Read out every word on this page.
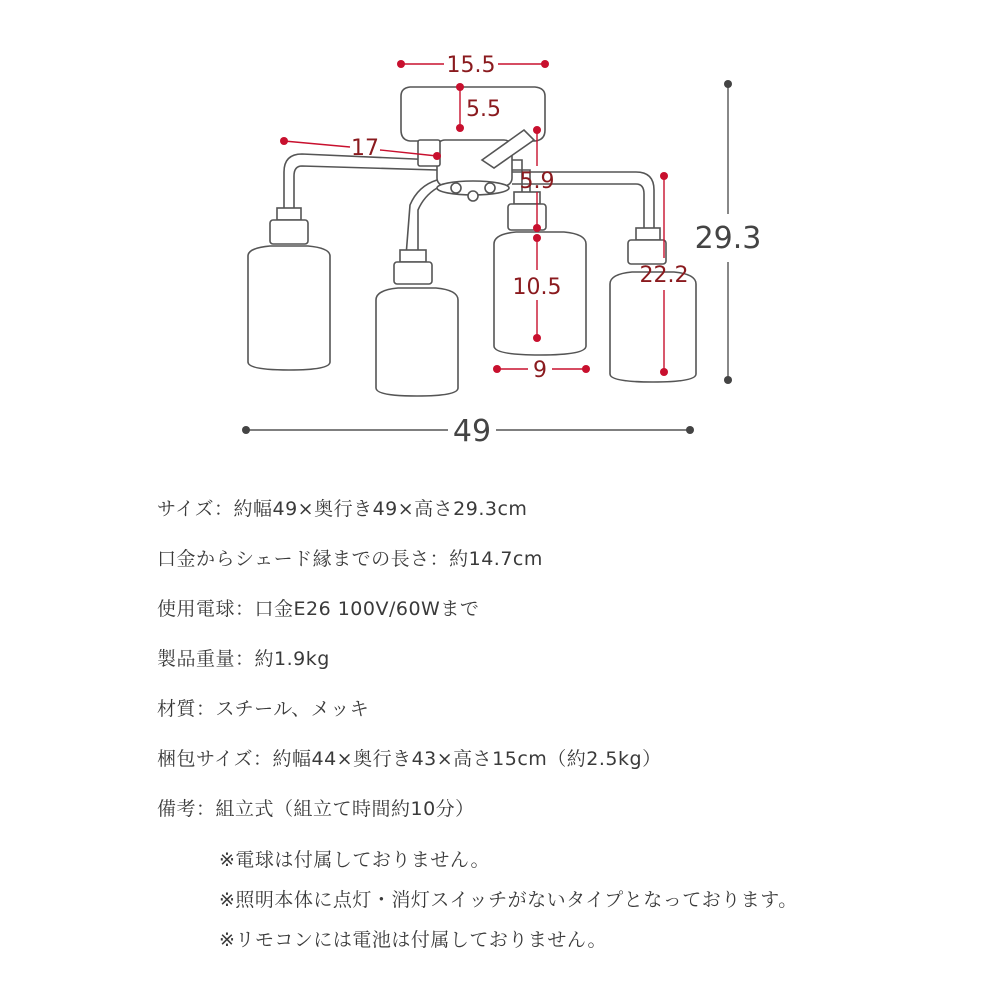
15.5
5.5
17
5.9
10.5
9
22.2
29.3
49
サイズ：約幅49×奥行き49×高さ29.3cm
口金からシェード縁までの長さ：約14.7cm
使用電球：口金E26 100V/60Wまで
製品重量：約1.9kg
材質：スチール、メッキ
梱包サイズ：約幅44×奥行き43×高さ15cm（約2.5kg）
備考：組立式（組立て時間約10分）
※電球は付属しておりません。
※照明本体に点灯・消灯スイッチがないタイプとなっております。
※リモコンには電池は付属しておりません。
